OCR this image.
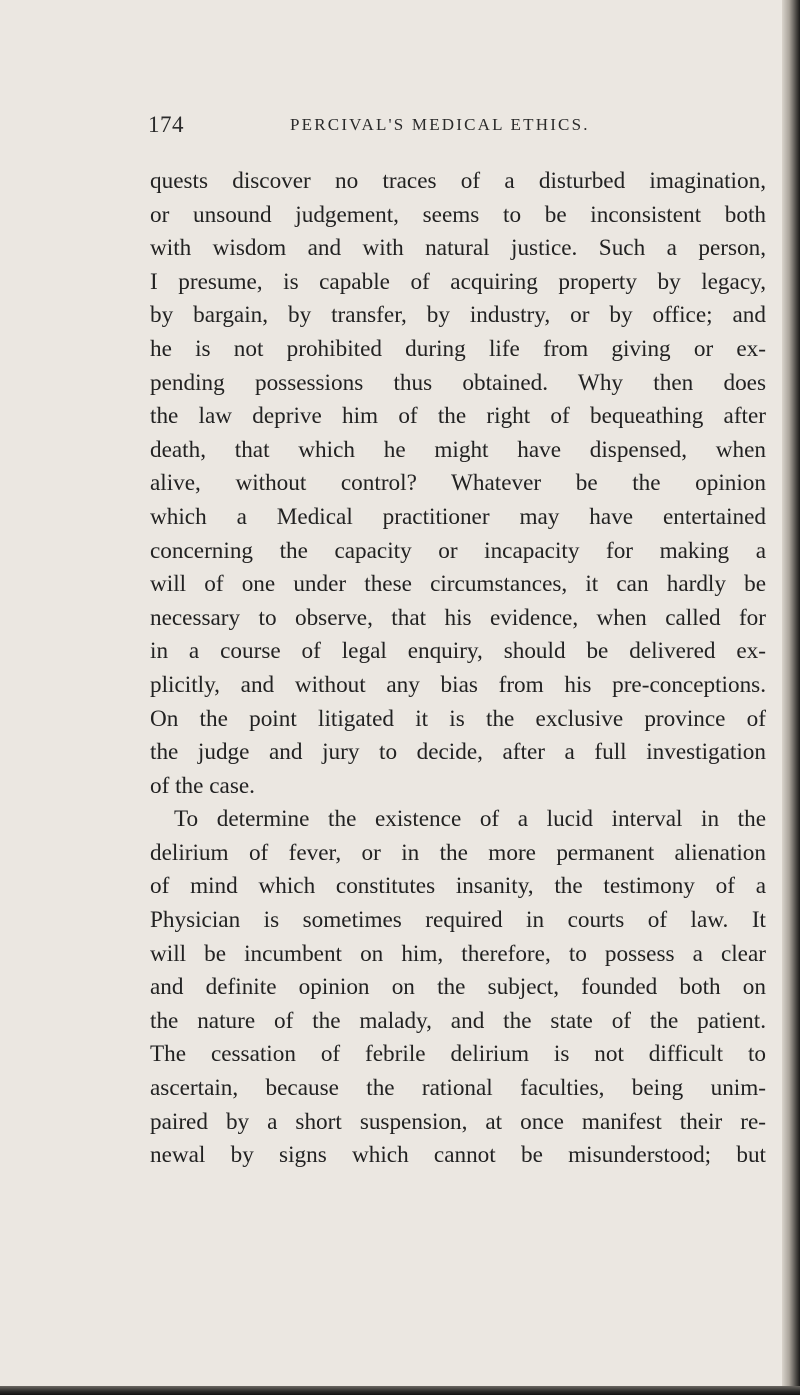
174	PERCIVAL'S MEDICAL ETHICS.
quests discover no traces of a disturbed imagination,
or unsound judgement, seems to be inconsistent both
with wisdom and with natural justice. Such a person,
I presume, is capable of acquiring property by legacy,
by bargain, by transfer, by industry, or by office; and
he is not prohibited during life from giving or ex-
pending possessions thus obtained. Why then does
the law deprive him of the right of bequeathing after
death, that which he might have dispensed, when
alive, without control? Whatever be the opinion
which a Medical practitioner may have entertained
concerning the capacity or incapacity for making a
will of one under these circumstances, it can hardly be
necessary to observe, that his evidence, when called for
in a course of legal enquiry, should be delivered ex-
plicitly, and without any bias from his pre-conceptions.
On the point litigated it is the exclusive province of
the judge and jury to decide, after a full investigation
of the case.
To determine the existence of a lucid interval in the
delirium of fever, or in the more permanent alienation
of mind which constitutes insanity, the testimony of a
Physician is sometimes required in courts of law. It
will be incumbent on him, therefore, to possess a clear
and definite opinion on the subject, founded both on
the nature of the malady, and the state of the patient.
The cessation of febrile delirium is not difficult to
ascertain, because the rational faculties, being unim-
paired by a short suspension, at once manifest their re-
newal by signs which cannot be misunderstood; but
